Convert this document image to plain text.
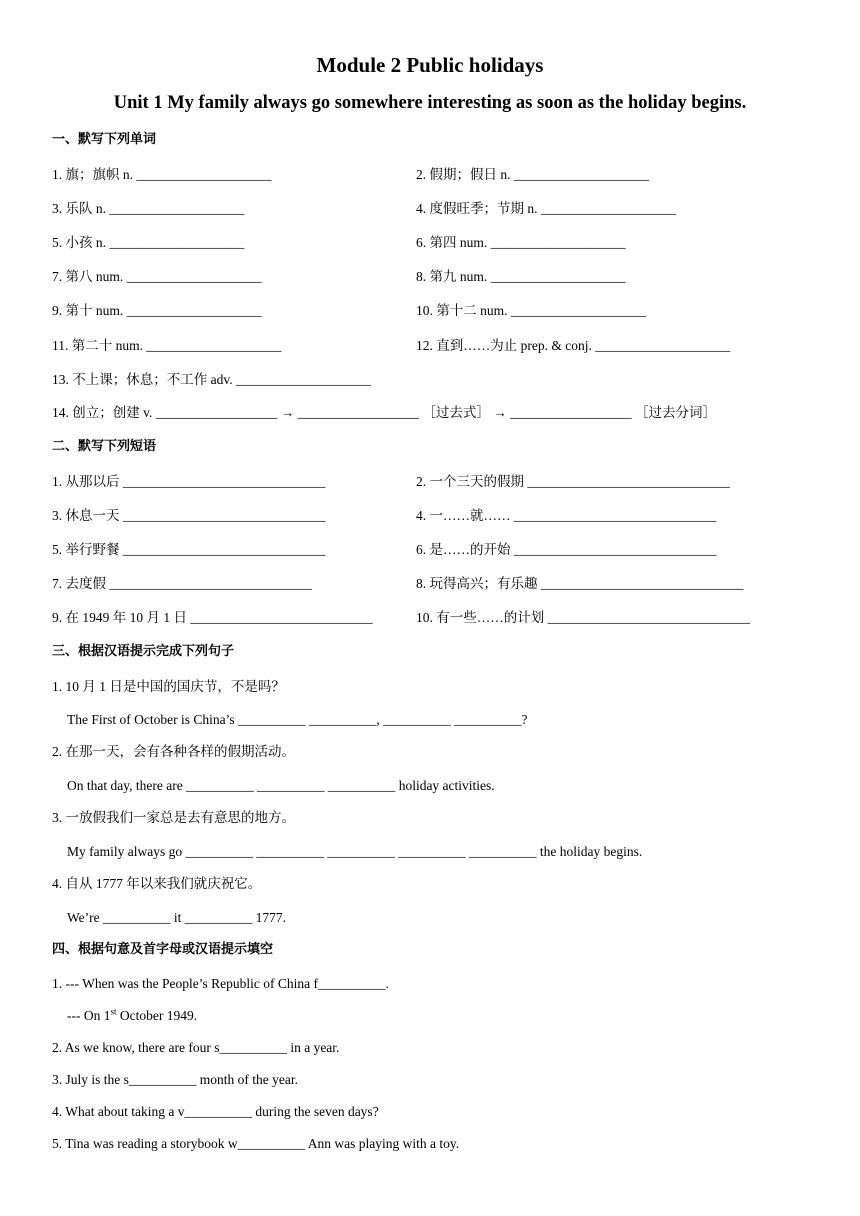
Module 2 Public holidays
Unit 1 My family always go somewhere interesting as soon as the holiday begins.
一、默写下列单词
1. 旗；旗帜 n. ____________________	2. 假期；假日 n. ____________________
3. 乐队 n. ____________________	4. 度假旺季；节期 n. ____________________
5. 小孩 n. ____________________	6. 第四 num. ____________________
7. 第八 num. ____________________	8. 第九 num. ____________________
9. 第十 num. ____________________	10. 第十二 num. ____________________
11. 第二十 num. ____________________	12. 直到……为止 prep. & conj. ____________________
13. 不上课；休息；不工作 adv. ____________________
14. 创立；创建 v. __________________ → __________________ ［过去式］ → __________________ ［过去分词］
二、默写下列短语
1. 从那以后 ______________________________	2. 一个三天的假期 ______________________________
3. 休息一天 ______________________________	4. 一……就…… ______________________________
5. 举行野餐 ______________________________	6. 是……的开始 ______________________________
7. 去度假 ______________________________	8. 玩得高兴；有乐趣 ______________________________
9. 在 1949 年 10 月 1 日 ___________________________	10. 有一些……的计划 ______________________________
三、根据汉语提示完成下列句子
1. 10 月 1 日是中国的国庆节，不是吗？
The First of October is China’s __________ __________, __________ __________?
2. 在那一天，会有各种各样的假期活动。
On that day, there are __________ __________ __________ holiday activities.
3. 一放假我们一家总是去有意思的地方。
My family always go __________ __________ __________ __________ __________ the holiday begins.
4. 自从 1777 年以来我们就庆祝它。
We’re __________ it __________ 1777.
四、根据句意及首字母或汉语提示填空
1. --- When was the People’s Republic of China f__________.
--- On 1st October 1949.
2. As we know, there are four s__________ in a year.
3. July is the s__________ month of the year.
4. What about taking a v__________ during the seven days?
5. Tina was reading a storybook w__________ Ann was playing with a toy.
